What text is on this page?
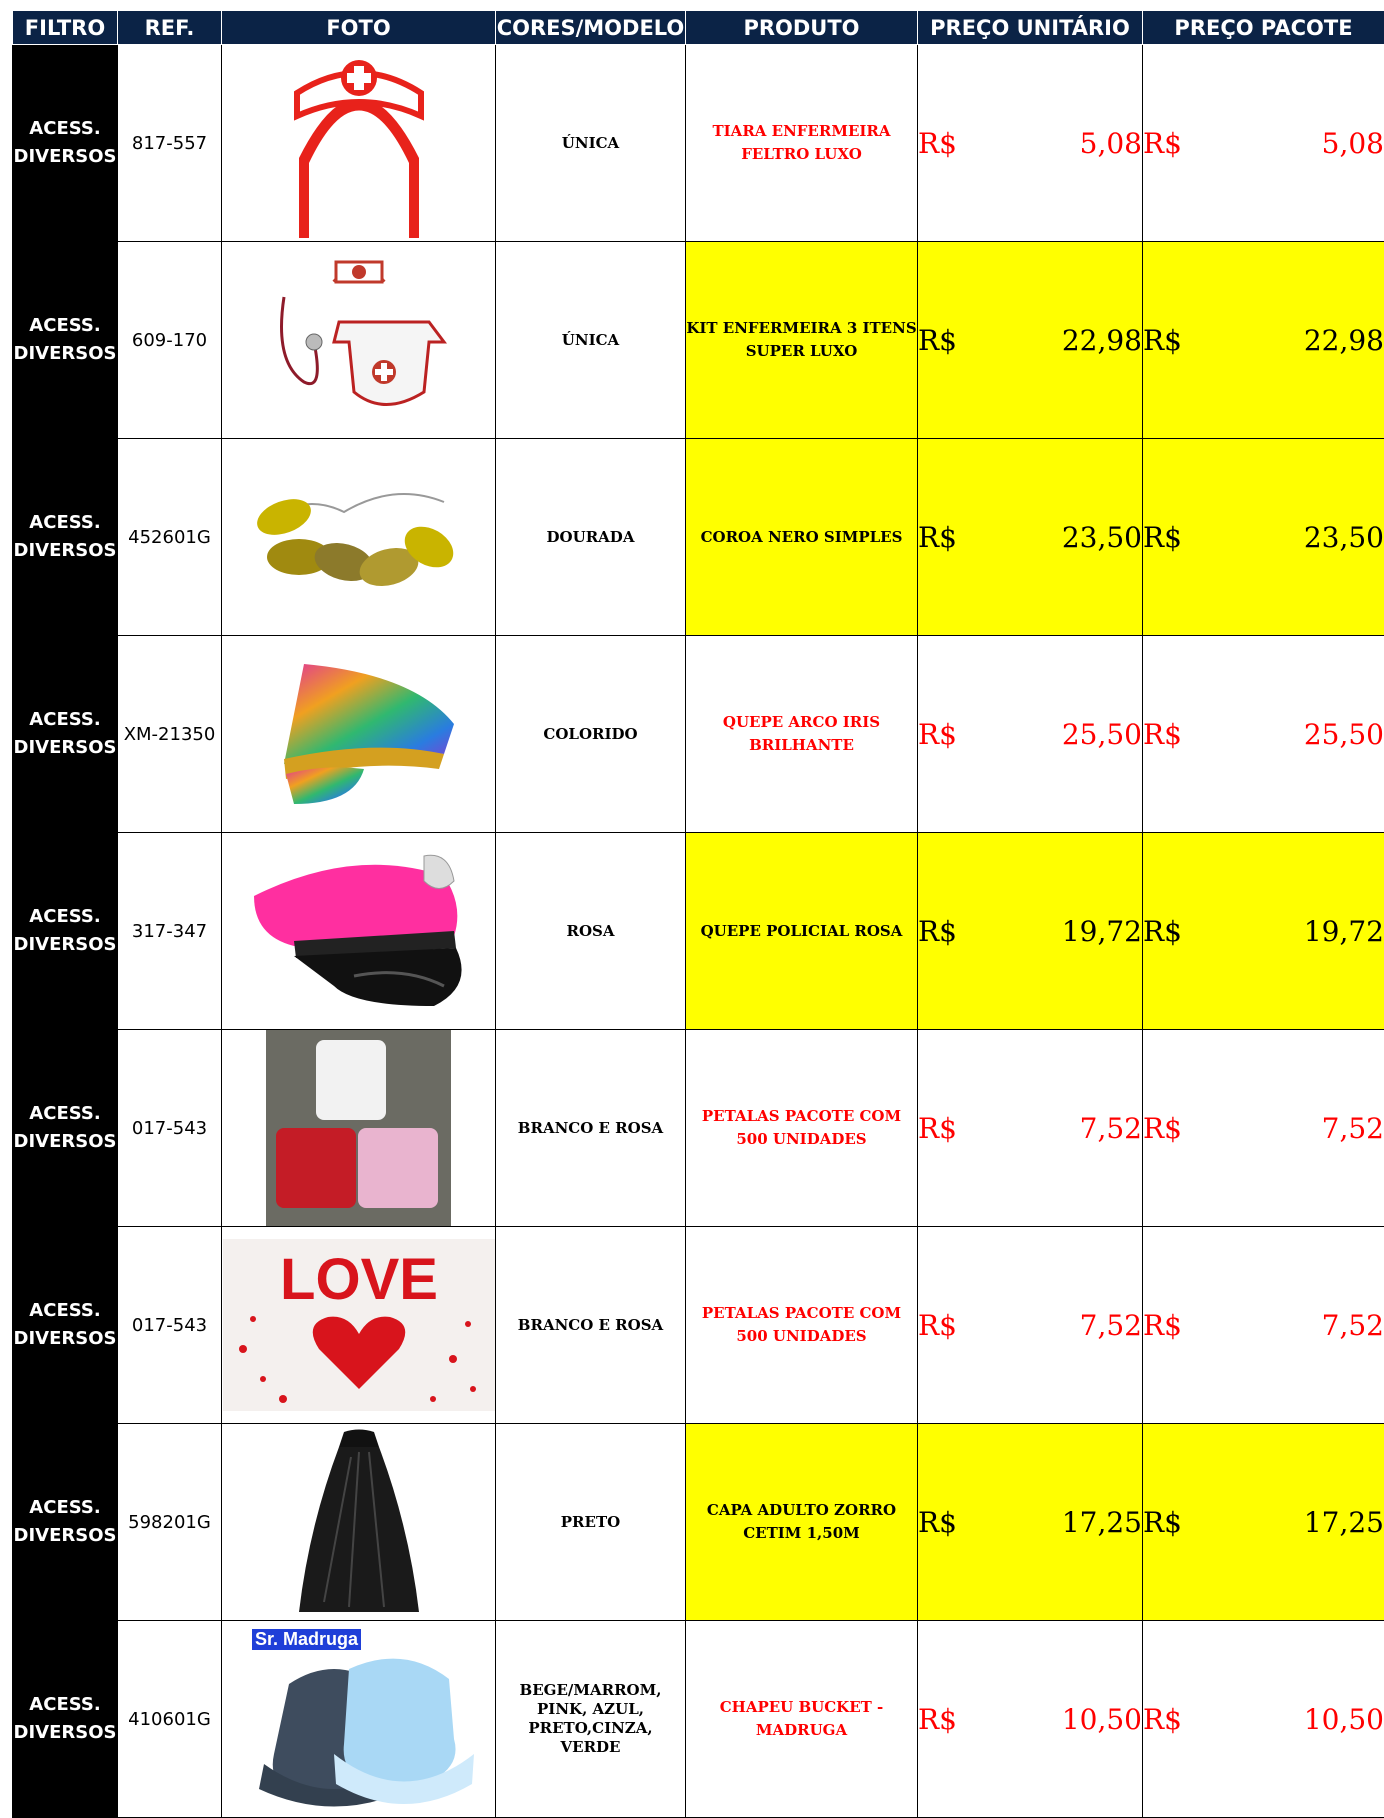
FILTRO	REF.	FOTO	CORES/MODELO	PRODUTO	PREÇO UNITÁRIO	PREÇO PACOTE
ACESS.
DIVERSOS	817-557		ÚNICA	TIARA ENFERMEIRA FELTRO LUXO	R$ 5,08	R$ 5,08

ACESS.
DIVERSOS	609-170		ÚNICA	KIT ENFERMEIRA 3 ITENS SUPER LUXO	R$ 22,98	R$ 22,98

ACESS.
DIVERSOS	452601G		DOURADA	COROA NERO SIMPLES	R$ 23,50	R$ 23,50

ACESS.
DIVERSOS	XM-21350		COLORIDO	QUEPE ARCO IRIS BRILHANTE	R$ 25,50	R$ 25,50

ACESS.
DIVERSOS	317-347		ROSA	QUEPE POLICIAL ROSA	R$ 19,72	R$ 19,72

ACESS.
DIVERSOS	017-543		BRANCO E ROSA	PETALAS PACOTE COM 500 UNIDADES	R$ 7,52	R$ 7,52

ACESS.
DIVERSOS	017-543	LOVE	BRANCO E ROSA	PETALAS PACOTE COM 500 UNIDADES	R$ 7,52	R$ 7,52

ACESS.
DIVERSOS	598201G		PRETO	CAPA ADULTO ZORRO CETIM 1,50M	R$ 17,25	R$ 17,25

ACESS.
DIVERSOS	410601G	Sr. Madruga	BEGE/MARROM, PINK, AZUL, PRETO,CINZA, VERDE	CHAPEU BUCKET - MADRUGA	R$ 10,50	R$ 10,50
